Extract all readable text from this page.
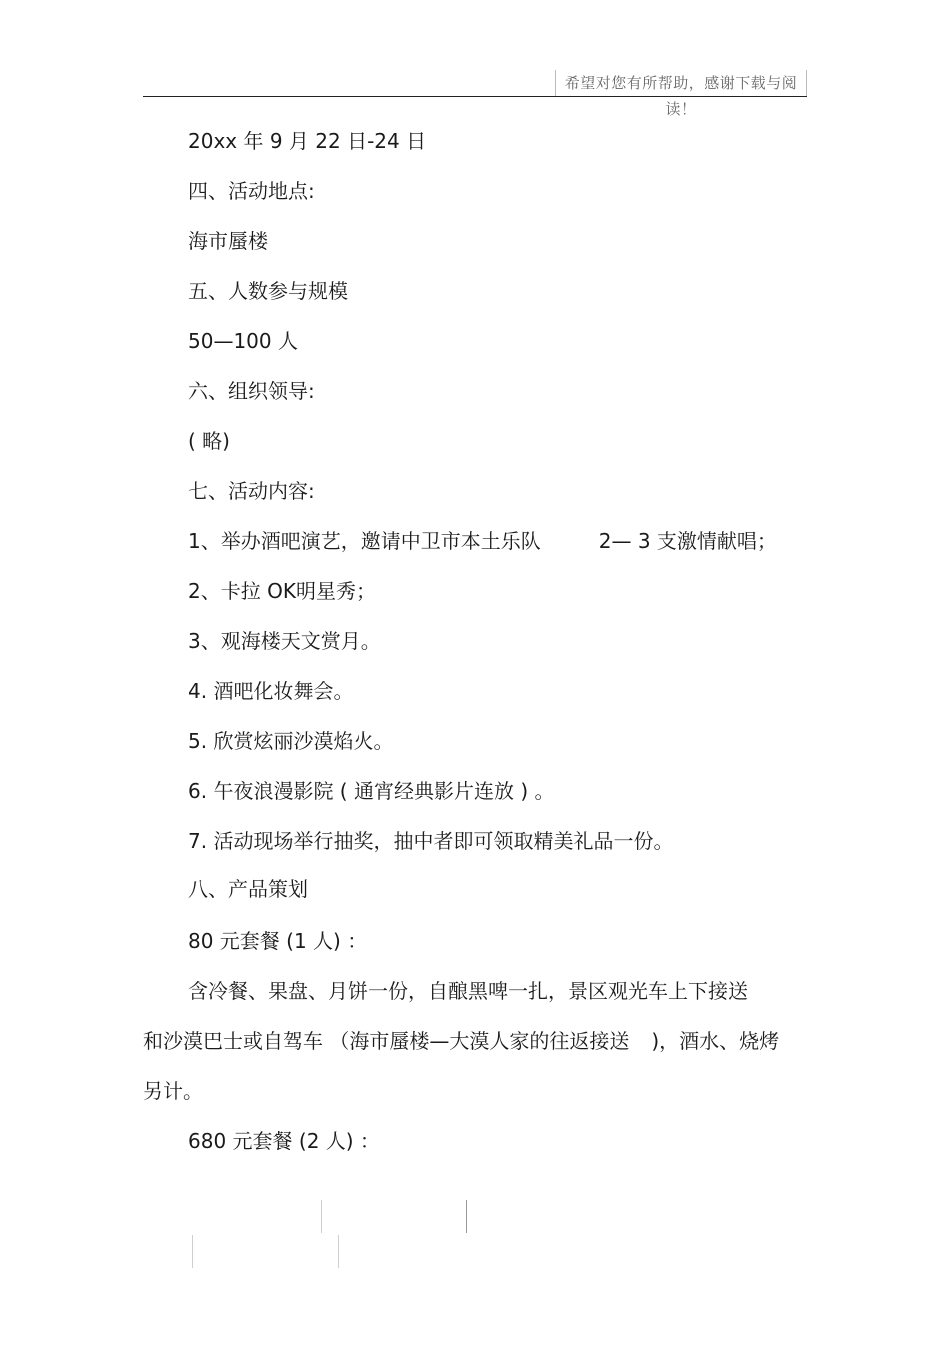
希望对您有所帮助，感谢下载与阅读！
20xx 年 9 月 22 日-24 日
四、活动地点:
海市蜃楼
五、人数参与规模
50—100 人
六、组织领导:
( 略)
七、活动内容:
1、举办酒吧演艺，邀请中卫市本土乐队	2— 3 支激情献唱；
2、卡拉 OK明星秀；
3、观海楼天文赏月。
4. 酒吧化妆舞会。
5. 欣赏炫丽沙漠焰火。
6. 午夜浪漫影院 ( 通宵经典影片连放 ) 。
7. 活动现场举行抽奖，抽中者即可领取精美礼品一份。
八、产品策划
80 元套餐 (1 人) ：
含冷餐、果盘、月饼一份，自酿黑啤一扎，景区观光车上下接送
和沙漠巴士或自驾车 （海市蜃楼—大漠人家的往返接送 )，酒水、烧烤
另计。
680 元套餐 (2 人) ：
